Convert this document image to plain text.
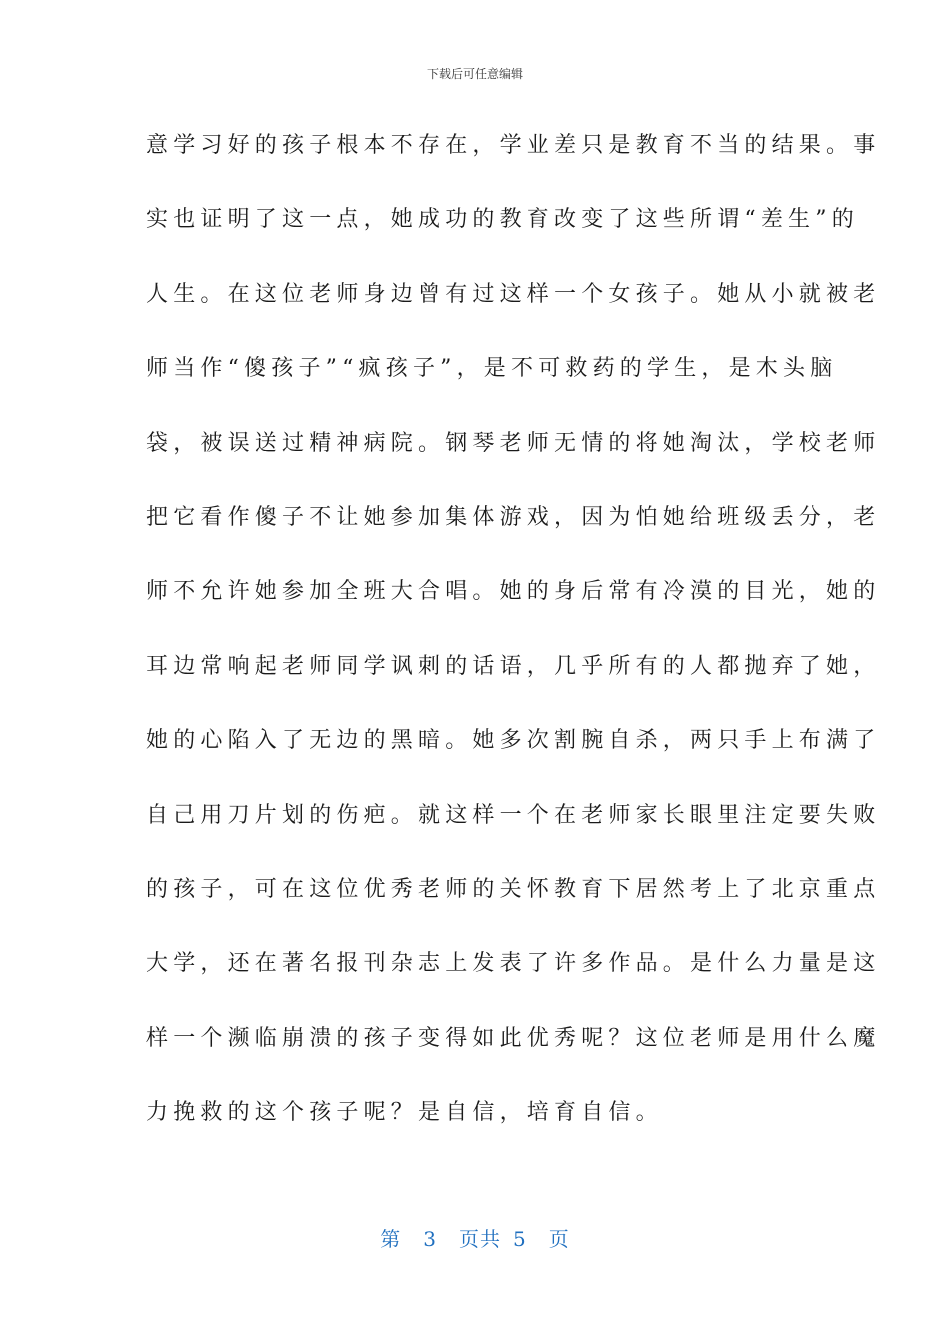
下载后可任意编辑
意学习好的孩子根本不存在，学业差只是教育不当的结果。事
实也证明了这一点，她成功的教育改变了这些所谓“差生”的
人生。在这位老师身边曾有过这样一个女孩子。她从小就被老
师当作“傻孩子”“疯孩子”，是不可救药的学生，是木头脑
袋，被误送过精神病院。钢琴老师无情的将她淘汰，学校老师
把它看作傻子不让她参加集体游戏，因为怕她给班级丢分，老
师不允许她参加全班大合唱。她的身后常有冷漠的目光，她的
耳边常响起老师同学讽刺的话语，几乎所有的人都抛弃了她，
她的心陷入了无边的黑暗。她多次割腕自杀，两只手上布满了
自己用刀片划的伤疤。就这样一个在老师家长眼里注定要失败
的孩子，可在这位优秀老师的关怀教育下居然考上了北京重点
大学，还在著名报刊杂志上发表了许多作品。是什么力量是这
样一个濒临崩溃的孩子变得如此优秀呢？这位老师是用什么魔
力挽救的这个孩子呢？是自信，培育自信。
第 3 页共 5 页
